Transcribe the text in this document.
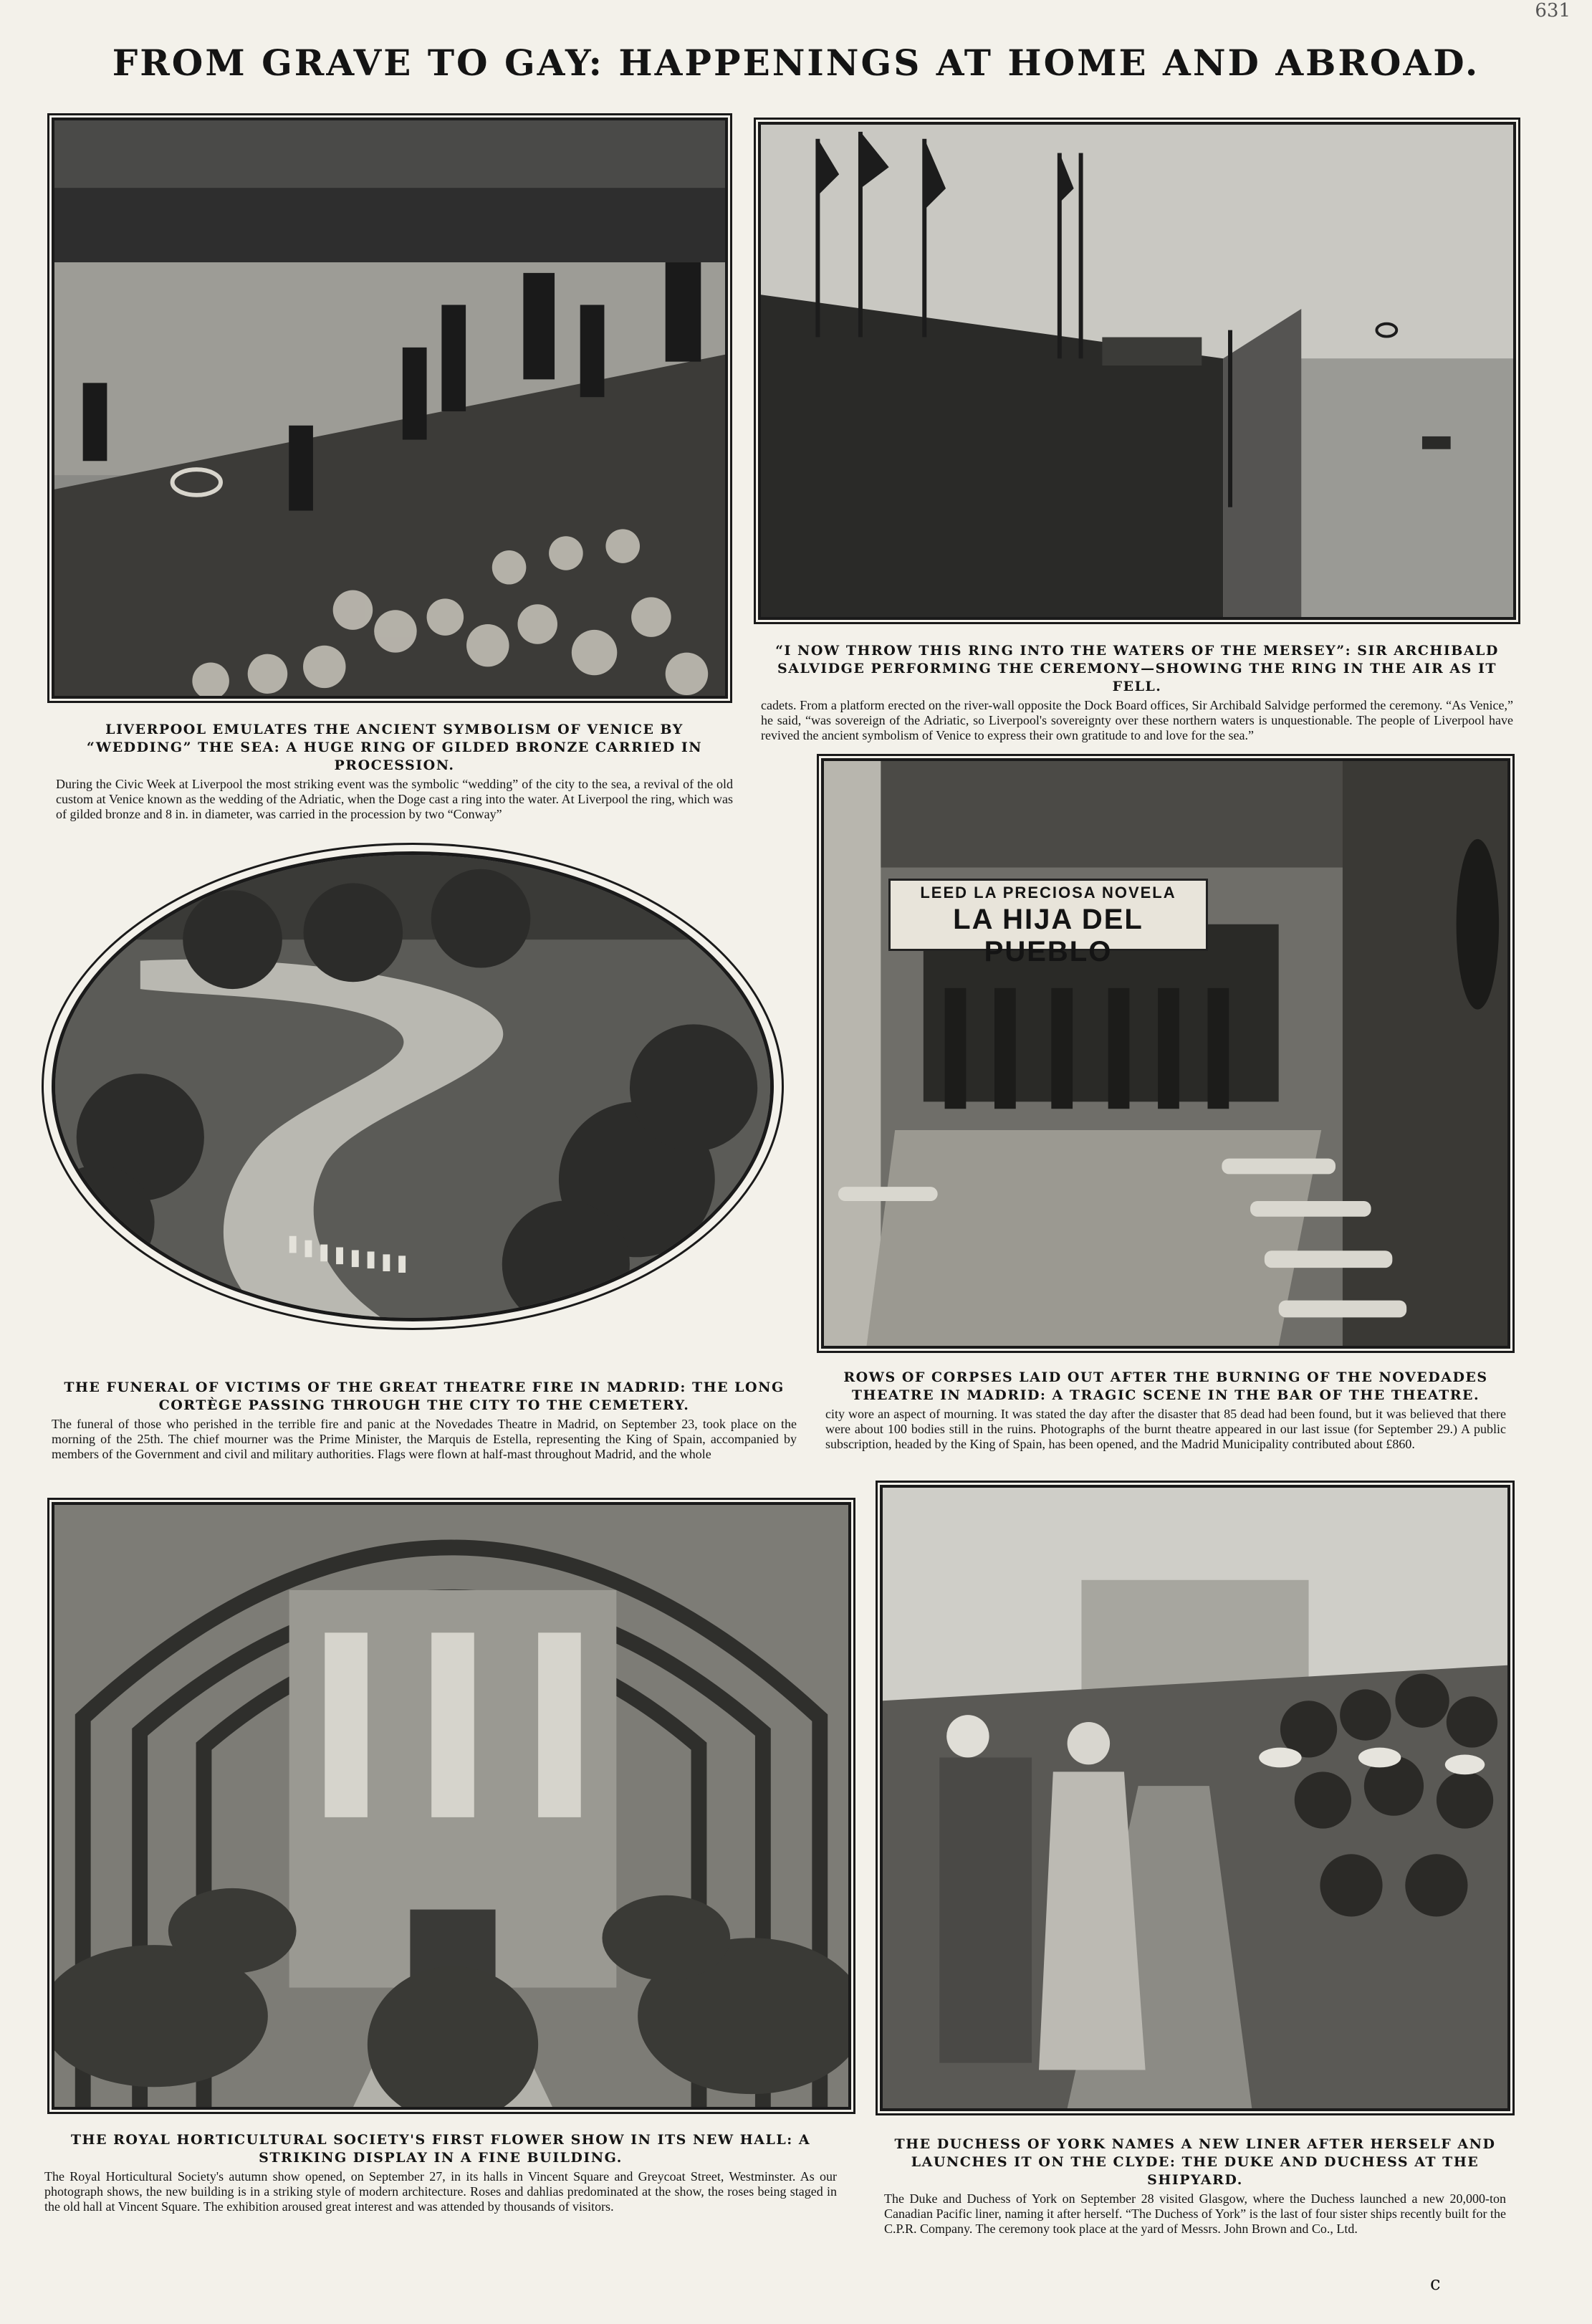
631
FROM GRAVE TO GAY: HAPPENINGS AT HOME AND ABROAD.
LIVERPOOL EMULATES THE ANCIENT SYMBOLISM OF VENICE BY “WEDDING” THE SEA: A HUGE RING OF GILDED BRONZE CARRIED IN PROCESSION.
During the Civic Week at Liverpool the most striking event was the symbolic “wedding” of the city to the sea, a revival of the old custom at Venice known as the wedding of the Adriatic, when the Doge cast a ring into the water. At Liverpool the ring, which was of gilded bronze and 8 in. in diameter, was carried in the procession by two “Conway”
“I NOW THROW THIS RING INTO THE WATERS OF THE MERSEY”: SIR ARCHIBALD SALVIDGE PERFORMING THE CEREMONY—SHOWING THE RING IN THE AIR AS IT FELL.
cadets. From a platform erected on the river-wall opposite the Dock Board offices, Sir Archibald Salvidge performed the ceremony. “As Venice,” he said, “was sovereign of the Adriatic, so Liverpool's sovereignty over these northern waters is unquestionable. The people of Liverpool have revived the ancient symbolism of Venice to express their own gratitude to and love for the sea.”
LEED LA PRECIOSA NOVELA
LA HIJA DEL PUEBLO
THE FUNERAL OF VICTIMS OF THE GREAT THEATRE FIRE IN MADRID: THE LONG CORTÈGE PASSING THROUGH THE CITY TO THE CEMETERY.
The funeral of those who perished in the terrible fire and panic at the Novedades Theatre in Madrid, on September 23, took place on the morning of the 25th. The chief mourner was the Prime Minister, the Marquis de Estella, representing the King of Spain, accompanied by members of the Government and civil and military authorities. Flags were flown at half-mast throughout Madrid, and the whole
ROWS OF CORPSES LAID OUT AFTER THE BURNING OF THE NOVEDADES THEATRE IN MADRID: A TRAGIC SCENE IN THE BAR OF THE THEATRE.
city wore an aspect of mourning. It was stated the day after the disaster that 85 dead had been found, but it was believed that there were about 100 bodies still in the ruins. Photographs of the burnt theatre appeared in our last issue (for September 29.) A public subscription, headed by the King of Spain, has been opened, and the Madrid Municipality contributed about £860.
THE ROYAL HORTICULTURAL SOCIETY'S FIRST FLOWER SHOW IN ITS NEW HALL: A STRIKING DISPLAY IN A FINE BUILDING.
The Royal Horticultural Society's autumn show opened, on September 27, in its halls in Vincent Square and Greycoat Street, Westminster. As our photograph shows, the new building is in a striking style of modern architecture. Roses and dahlias predominated at the show, the roses being staged in the old hall at Vincent Square. The exhibition aroused great interest and was attended by thousands of visitors.
THE DUCHESS OF YORK NAMES A NEW LINER AFTER HERSELF AND LAUNCHES IT ON THE CLYDE: THE DUKE AND DUCHESS AT THE SHIPYARD.
The Duke and Duchess of York on September 28 visited Glasgow, where the Duchess launched a new 20,000-ton Canadian Pacific liner, naming it after herself. “The Duchess of York” is the last of four sister ships recently built for the C.P.R. Company. The ceremony took place at the yard of Messrs. John Brown and Co., Ltd.
c
